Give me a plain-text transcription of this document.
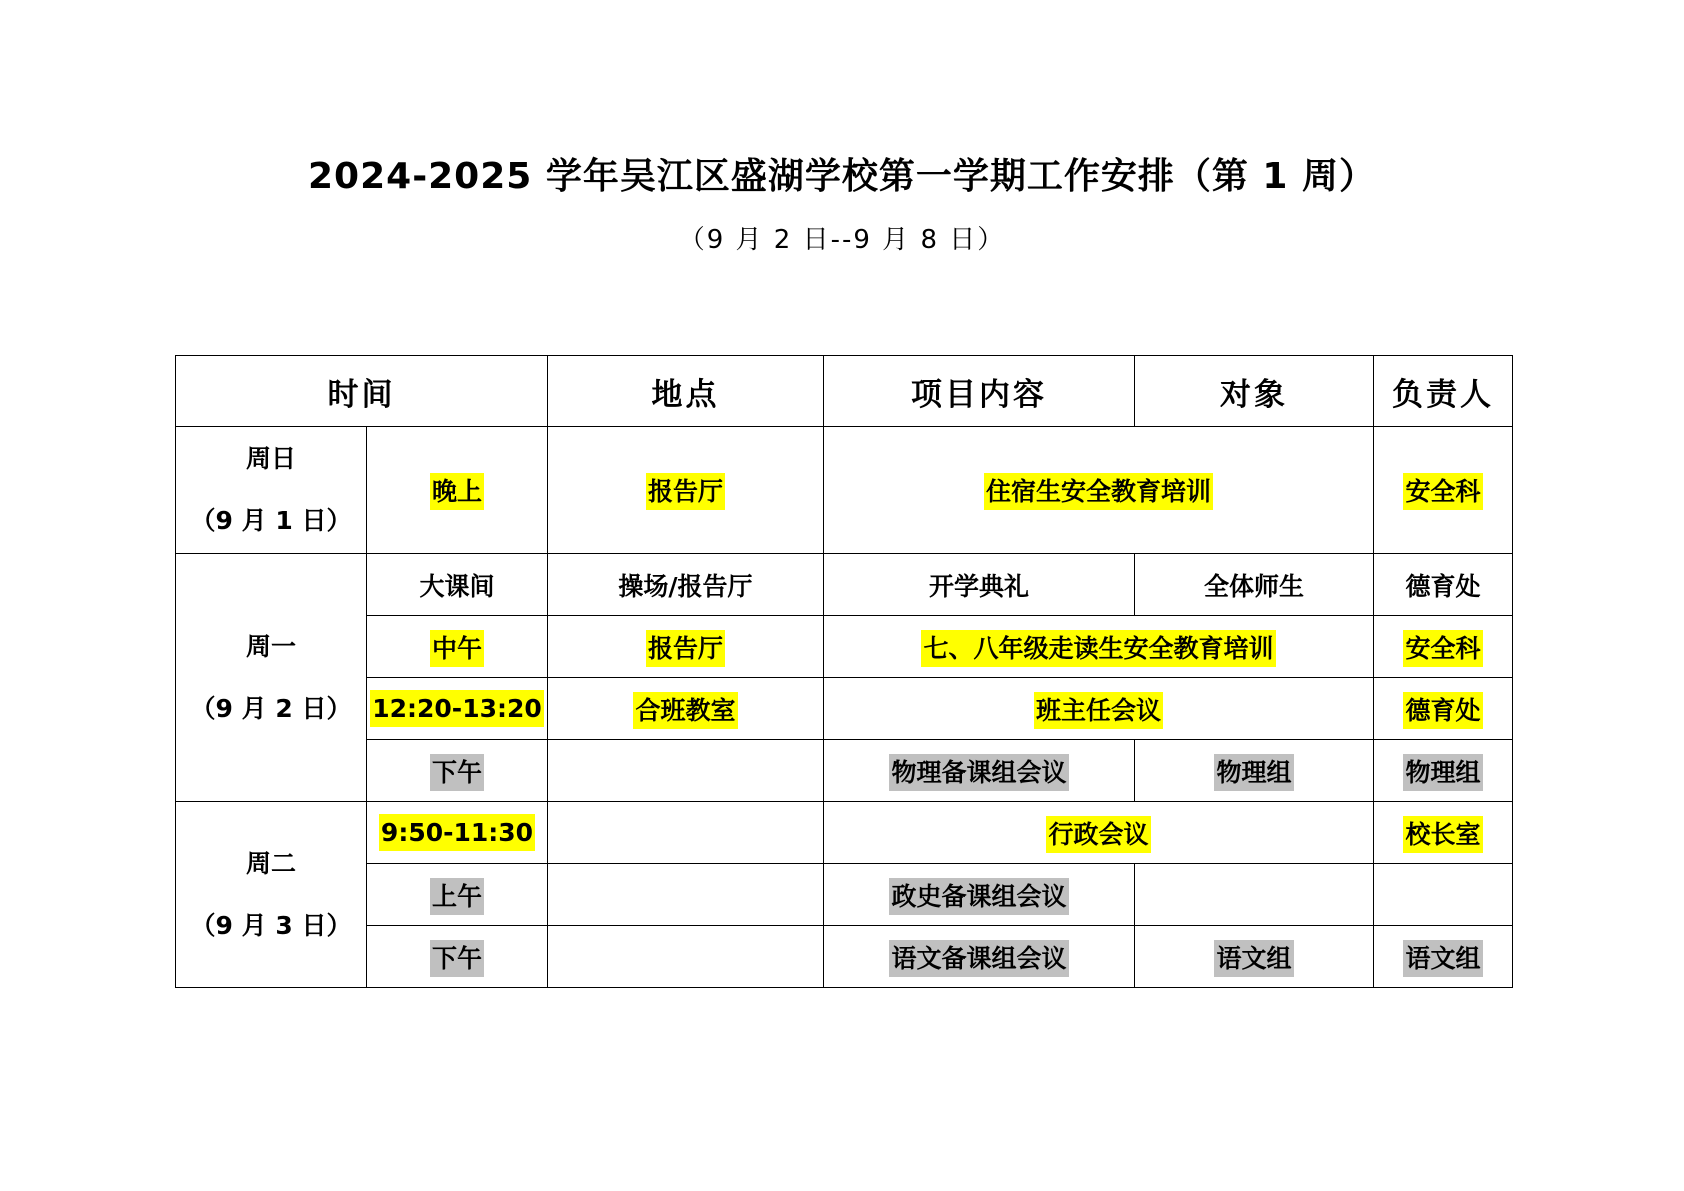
2024-2025 学年吴江区盛湖学校第一学期工作安排（第 1 周）
（9 月 2 日--9 月 8 日）
时间		地点	项目内容	对象	负责人

周日
（9 月 1 日）	晚上	报告厅	住宿生安全教育培训		安全科

周一
（9 月 2 日）	大课间	操场/报告厅	开学典礼	全体师生	德育处
	中午	报告厅	七、八年级走读生安全教育培训		安全科
	12:20-13:20	合班教室	班主任会议		德育处
	下午		物理备课组会议	物理组	物理组

周二
（9 月 3 日）	9:50-11:30		行政会议		校长室
	上午		政史备课组会议		
	下午		语文备课组会议	语文组	语文组
